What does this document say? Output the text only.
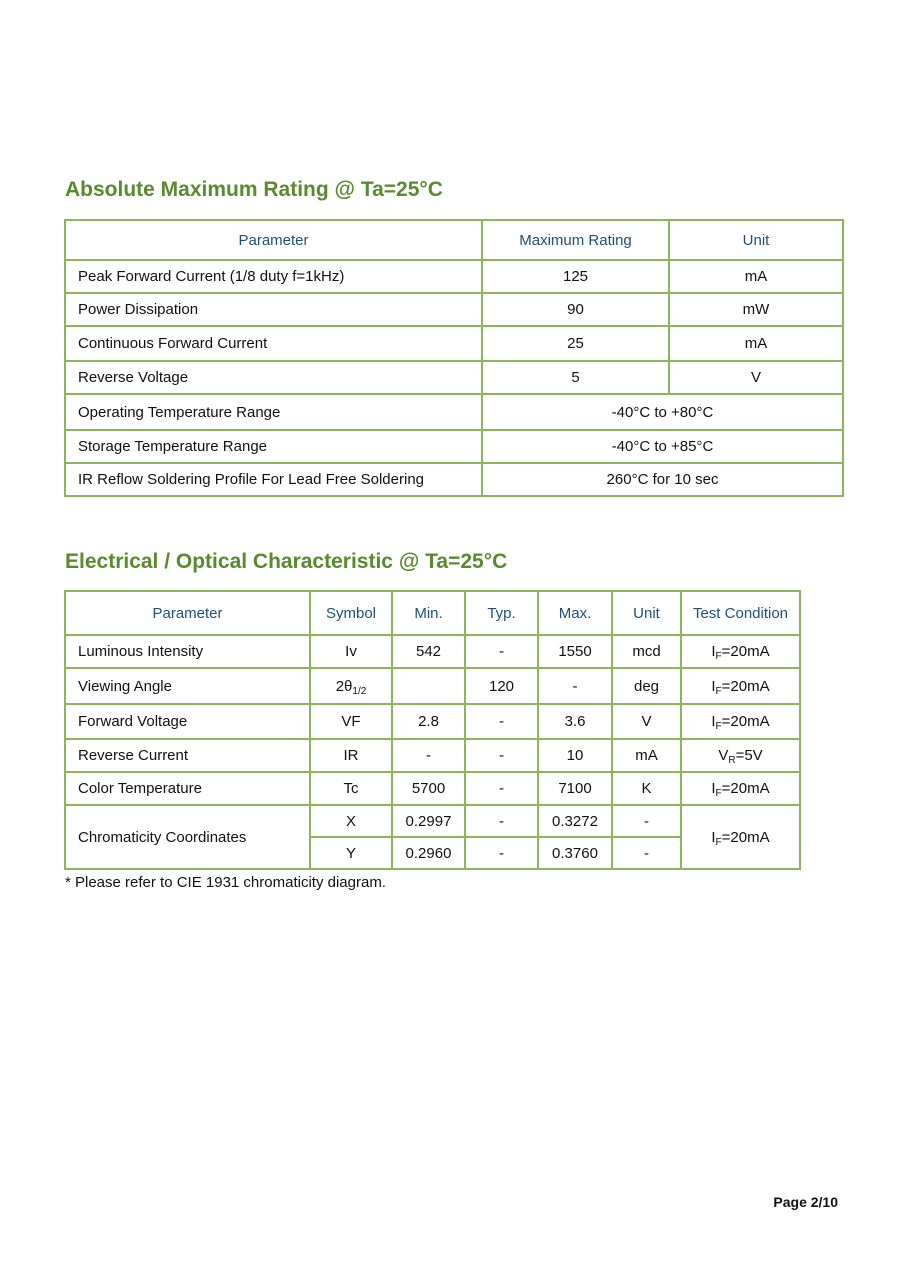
Absolute Maximum Rating @ Ta=25°C
Parameter	Maximum Rating	Unit
Peak Forward Current (1/8 duty f=1kHz)	125	mA
Power Dissipation	90	mW
Continuous Forward Current	25	mA
Reverse Voltage	5	V
Operating Temperature Range	-40°C to +80°C	
Storage Temperature Range	-40°C to +85°C	
IR Reflow Soldering Profile For Lead Free Soldering	260°C for 10 sec	
Electrical / Optical Characteristic @ Ta=25°C
Parameter	Symbol	Min.	Typ.	Max.	Unit	Test Condition
Luminous Intensity	Iv	542	-	1550	mcd	$I_F=20mA$
Viewing Angle	$2\theta_{1/2}$		120	-	deg	$I_F=20mA$
Forward Voltage	VF	2.8	-	3.6	V	$I_F=20mA$
Reverse Current	IR	-	-	10	mA	$V_R=5V$
Color Temperature	Tc	5700	-	7100	K	$I_F=20mA$
Chromaticity Coordinates	X	0.2997	-	0.3272	-	$I_F=20mA$
	Y	0.2960	-	0.3760	-	

* Please refer to CIE 1931 chromaticity diagram.

Page 2/10
